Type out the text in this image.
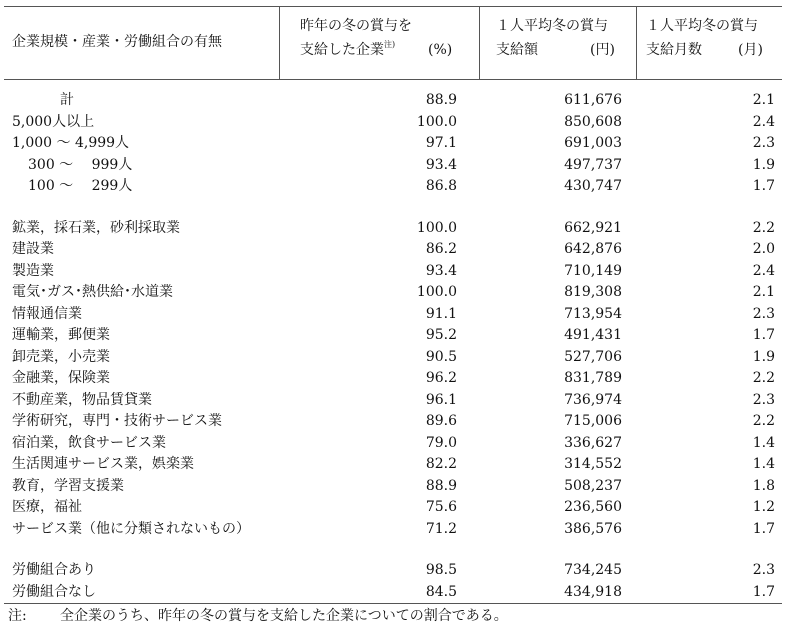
企業規模・産業・労働組合の有無
昨年の冬の賞与を
支給した企業$^{注)}$ (%)
１人平均冬の賞与
支給額	(円)
１人平均冬の賞与
支給月数	(月)
計	88.9	611,676	2.1
5,000人以上	100.0	850,608	2.4
1,000 ～ 4,999人	97.1	691,003	2.3
300 ～　 999人	93.4	497,737	1.9
100 ～　 299人	86.8	430,747	1.7
鉱業，採石業，砂利採取業	100.0	662,921	2.2
建設業	86.2	642,876	2.0
製造業	93.4	710,149	2.4
電気･ガス･熱供給･水道業	100.0	819,308	2.1
情報通信業	91.1	713,954	2.3
運輸業，郵便業	95.2	491,431	1.7
卸売業，小売業	90.5	527,706	1.9
金融業，保険業	96.2	831,789	2.2
不動産業，物品賃貸業	96.1	736,974	2.3
学術研究，専門・技術サービス業	89.6	715,006	2.2
宿泊業，飲食サービス業	79.0	336,627	1.4
生活関連サービス業，娯楽業	82.2	314,552	1.4
教育，学習支援業	88.9	508,237	1.8
医療，福祉	75.6	236,560	1.2
サービス業（他に分類されないもの）	71.2	386,576	1.7
労働組合あり	98.5	734,245	2.3
労働組合なし	84.5	434,918	1.7
注: 全企業のうち、昨年の冬の賞与を支給した企業についての割合である。
